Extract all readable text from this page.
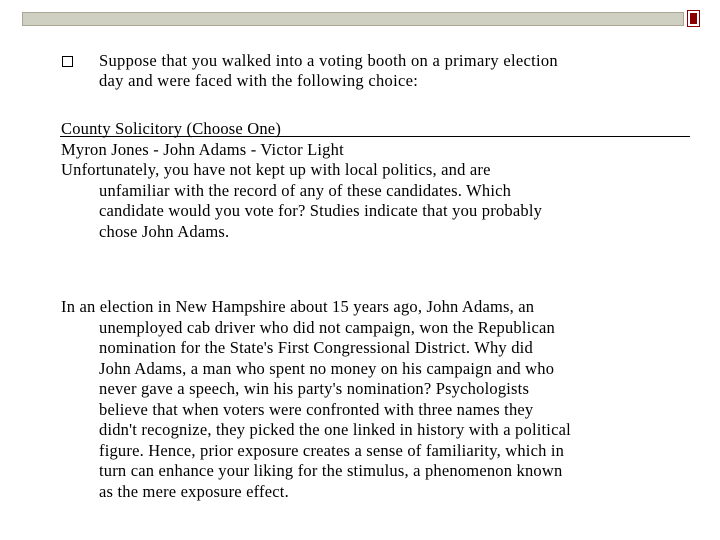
Suppose that you walked into a voting booth on a primary election

day and were faced with the following choice:

County Solicitory (Choose One)

Myron Jones - John Adams - Victor Light

Unfortunately, you have not kept up with local politics, and are

unfamiliar with the record of any of these candidates. Which

candidate would you vote for? Studies indicate that you probably

chose John Adams.

In an election in New Hampshire about 15 years ago, John Adams, an

unemployed cab driver who did not campaign, won the Republican

nomination for the State's First Congressional District. Why did

John Adams, a man who spent no money on his campaign and who

never gave a speech, win his party's nomination? Psychologists

believe that when voters were confronted with three names they

didn't recognize, they picked the one linked in history with a political

figure. Hence, prior exposure creates a sense of familiarity, which in

turn can enhance your liking for the stimulus, a phenomenon known

as the mere exposure effect.
